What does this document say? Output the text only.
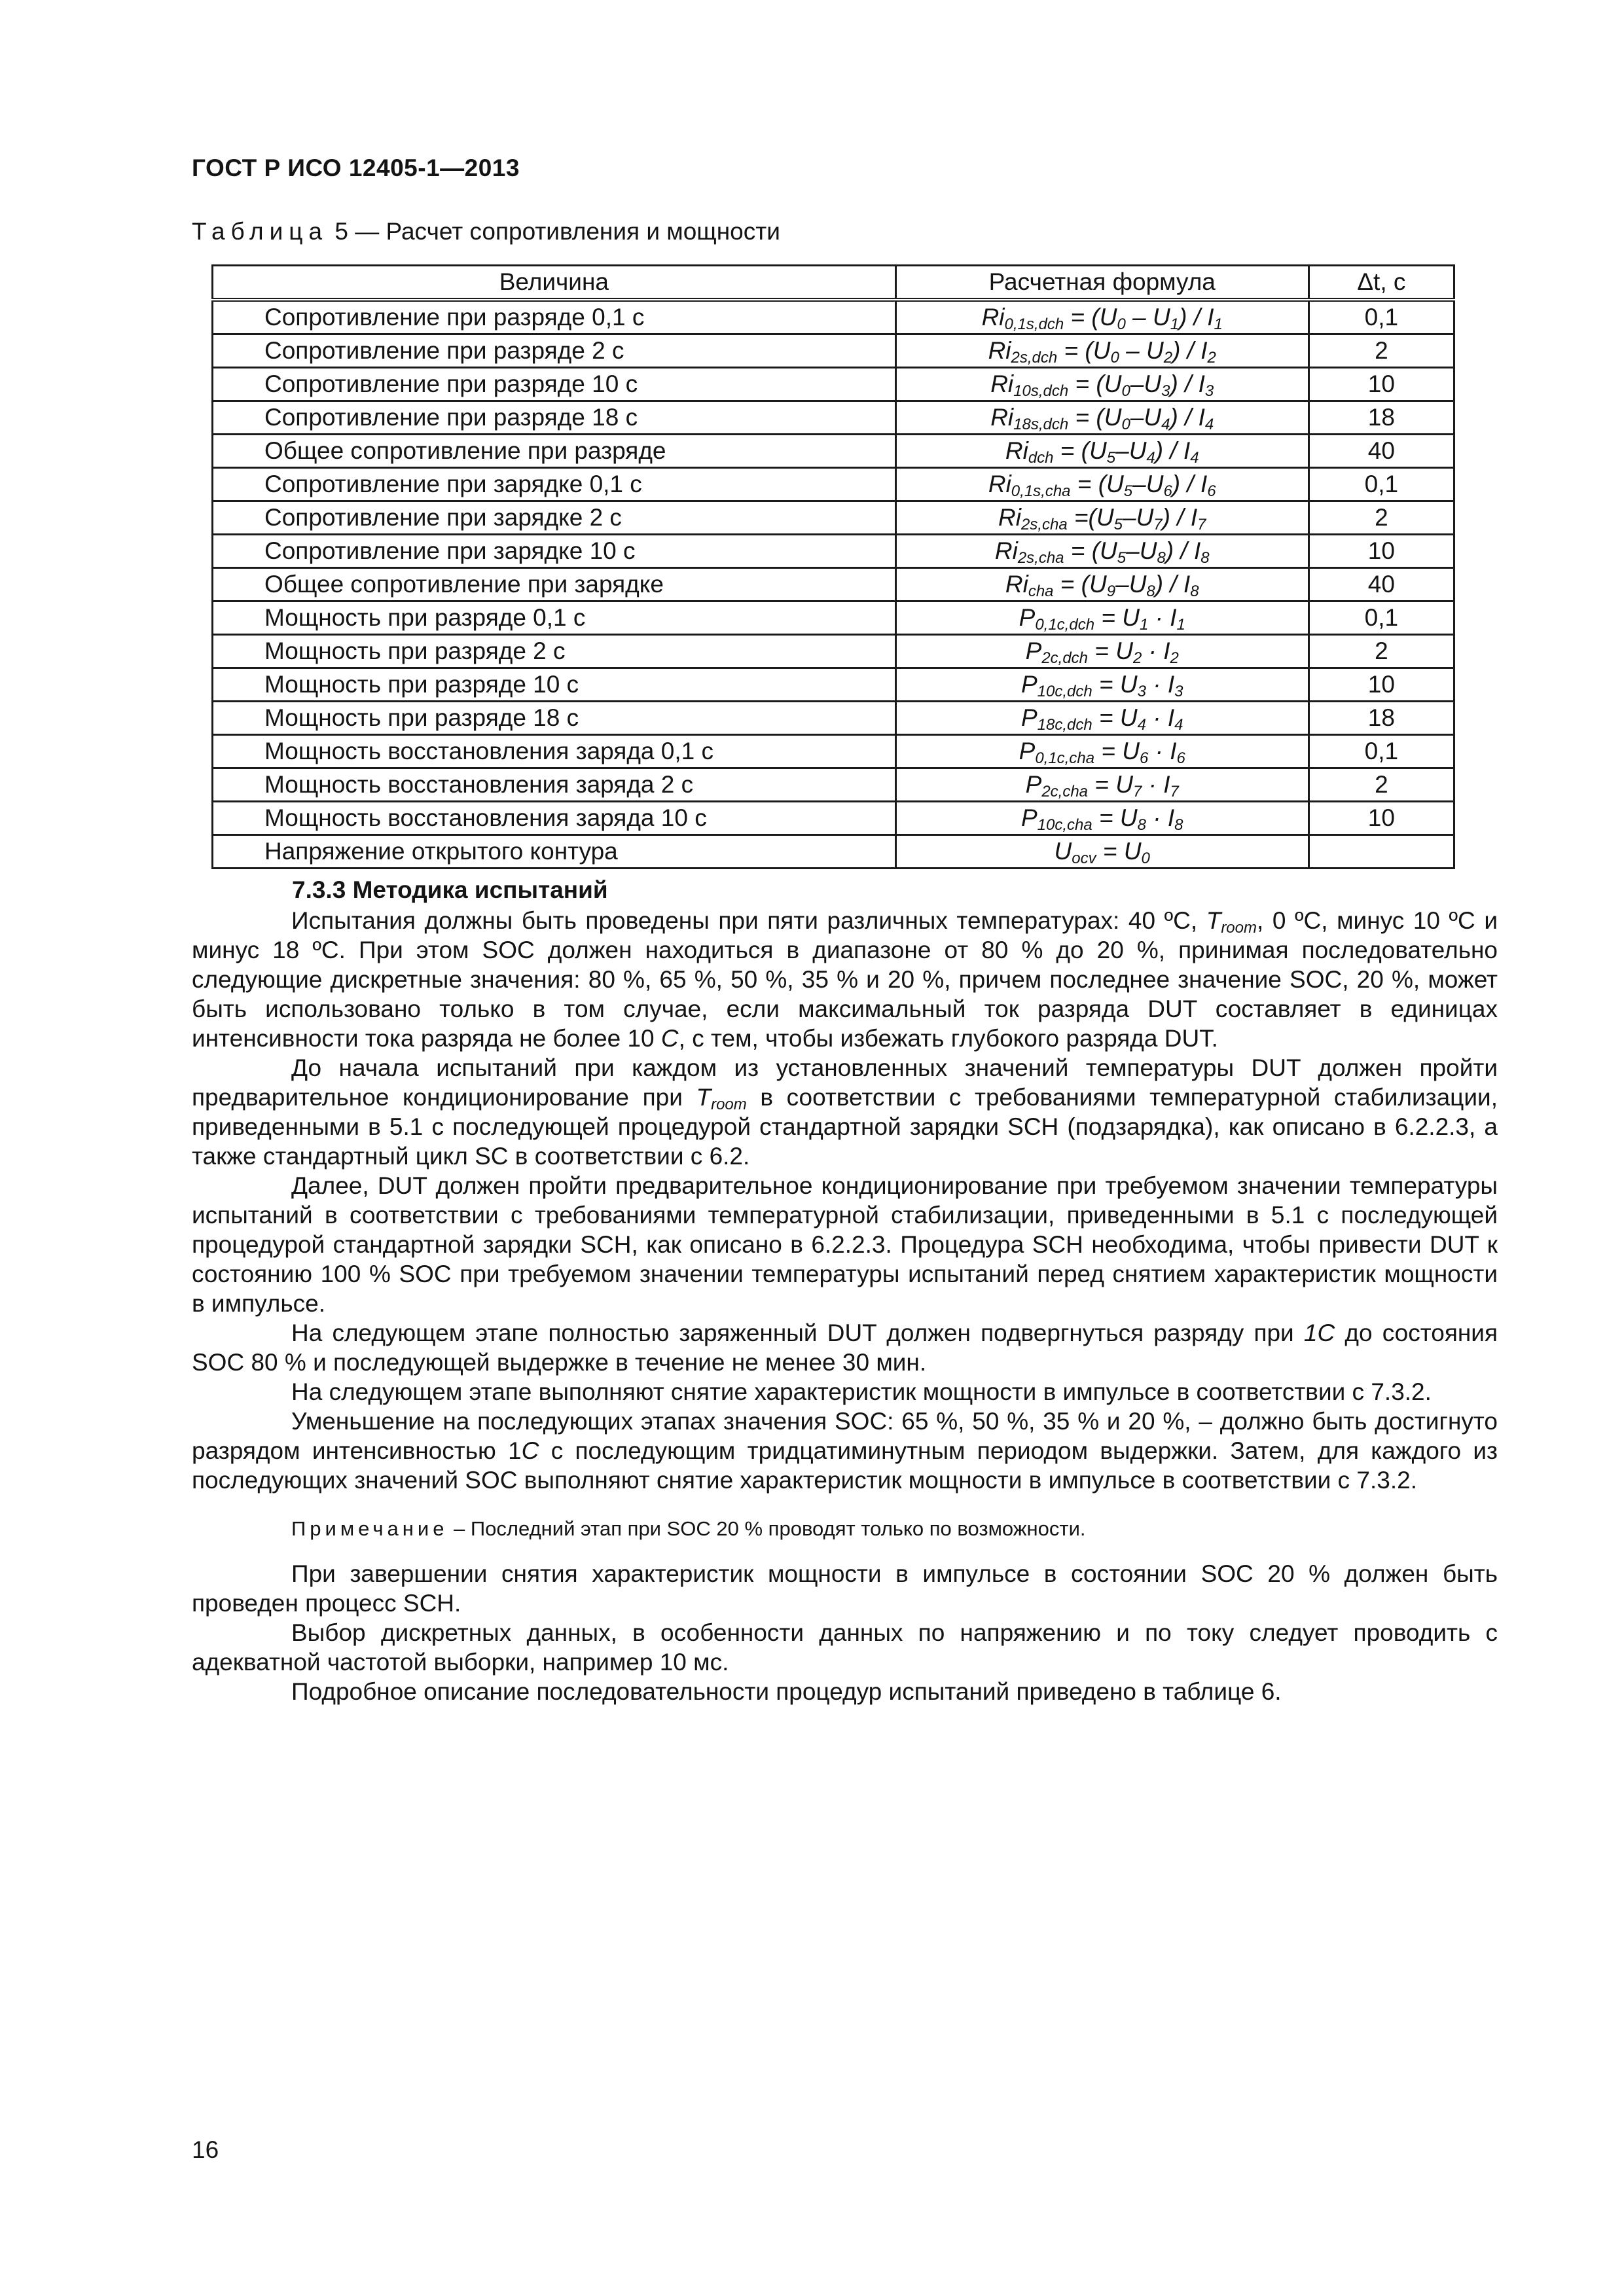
ГОСТ Р ИСО 12405-1—2013
Таблица 5 — Расчет сопротивления и мощности
Величина	Расчетная формула	Δt, c
Сопротивление при разряде 0,1 с	$Ri_{0,1s,dch} = (U_0 - U_1) / I_1$	0,1
Сопротивление при разряде 2 с	$Ri_{2s,dch} = (U_0 - U_2) / I_2$	2
Сопротивление при разряде 10 с	$Ri_{10s,dch} = (U_0-U_3) / I_3$	10
Сопротивление при разряде 18 с	$Ri_{18s,dch} = (U_0-U_4) / I_4$	18
Общее сопротивление при разряде	$Ri_{dch} = (U_5-U_4) / I_4$	40
Сопротивление при зарядке 0,1 с	$Ri_{0,1s,cha} = (U_5-U_6) / I_6$	0,1
Сопротивление при зарядке 2 с	$Ri_{2s,cha} =(U_5-U_7) / I_7$	2
Сопротивление при зарядке 10 с	$Ri_{2s,cha} = (U_5-U_8) / I_8$	10
Общее сопротивление при зарядке	$Ri_{cha} = (U_9-U_8) / I_8$	40
Мощность при разряде 0,1 с	$P_{0,1c,dch} = U_1 \cdot I_1$	0,1
Мощность при разряде 2 с	$P_{2c,dch} = U_2 \cdot I_2$	2
Мощность при разряде 10 с	$P_{10c,dch} = U_3 \cdot I_3$	10
Мощность при разряде 18 с	$P_{18c,dch} = U_4 \cdot I_4$	18
Мощность восстановления заряда 0,1 с	$P_{0,1c,cha} = U_6 \cdot I_6$	0,1
Мощность восстановления заряда 2 с	$P_{2c,cha} = U_7 \cdot I_7$	2
Мощность восстановления заряда 10 с	$P_{10c,cha} = U_8 \cdot I_8$	10
Напряжение открытого контура	$U_{ocv} = U_0$	
7.3.3 Методика испытаний

Испытания должны быть проведены при пяти различных температурах: 40 ºС, $T_{room}$, 0 ºС, минус 10 ºС и минус 18 ºС. При этом SOC должен находиться в диапазоне от 80 % до 20 %, принимая последовательно следующие дискретные значения: 80 %, 65 %, 50 %, 35 % и 20 %, причем последнее значение SOC, 20 %, может быть использовано только в том случае, если максимальный ток разряда DUT составляет в единицах интенсивности тока разряда не более 10 C, с тем, чтобы избежать глубокого разряда DUT.

До начала испытаний при каждом из установленных значений температуры DUT должен пройти предварительное кондиционирование при $T_{room}$ в соответствии с требованиями температурной стабилизации, приведенными в 5.1 с последующей процедурой стандартной зарядки SCH (подзарядка), как описано в 6.2.2.3, а также стандартный цикл SC в соответствии с 6.2.

Далее, DUT должен пройти предварительное кондиционирование при требуемом значении температуры испытаний в соответствии с требованиями температурной стабилизации, приведенными в 5.1 с последующей процедурой стандартной зарядки SCH, как описано в 6.2.2.3. Процедура SCH необходима, чтобы привести DUT к состоянию 100 % SOC при требуемом значении температуры испытаний перед снятием характеристик мощности в импульсе.

На следующем этапе полностью заряженный DUT должен подвергнуться разряду при 1C до состояния SOC 80 % и последующей выдержке в течение не менее 30 мин.

На следующем этапе выполняют снятие характеристик мощности в импульсе в соответствии с 7.3.2.

Уменьшение на последующих этапах значения SOC: 65 %, 50 %, 35 % и 20 %, – должно быть достигнуто разрядом интенсивностью 1C с последующим тридцатиминутным периодом выдержки. Затем, для каждого из последующих значений SOC выполняют снятие характеристик мощности в импульсе в соответствии с 7.3.2.

Примечание – Последний этап при SOC 20 % проводят только по возможности.

При завершении снятия характеристик мощности в импульсе в состоянии SOC 20 % должен быть проведен процесс SCH.

Выбор дискретных данных, в особенности данных по напряжению и по току следует проводить с адекватной частотой выборки, например 10 мс.

Подробное описание последовательности процедур испытаний приведено в таблице 6.

16
